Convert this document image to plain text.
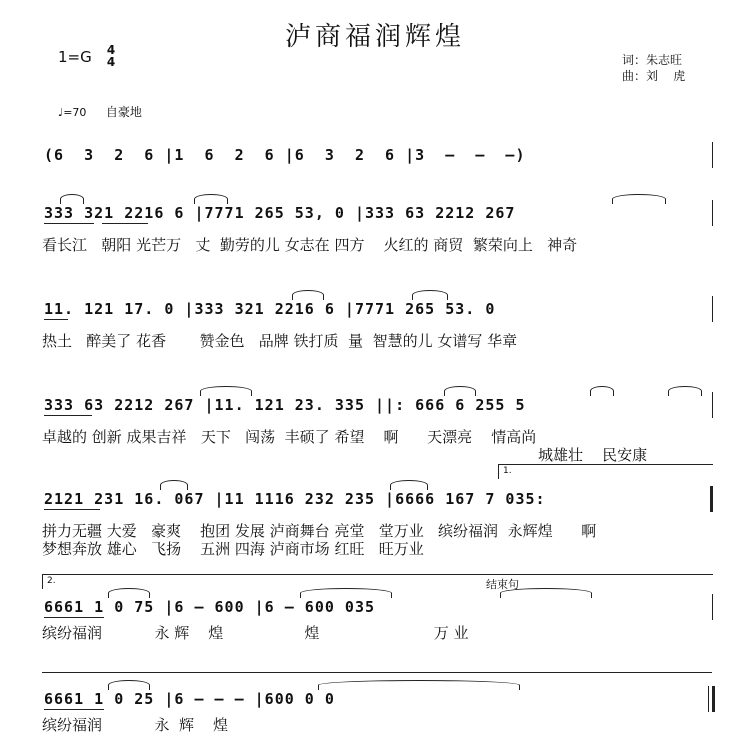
泸商福润辉煌
1=G 4
4	词：朱志旺
曲：刘    虎
♩=70 自豪地
(6  3  2  6 |1  6  2  6 |6  3  2  6 |3  –  –  –)
333 321 2216 6 |7771 265 53, 0 |333 63 2212 267
看长江   朝阳 光芒万   丈  勤劳的儿 女志在 四方    火红的 商贸  繁荣向上   神奇
11. 121 17. 0 |333 321 2216 6 |7771 265 53. 0
热土   醉美了 花香       赞金色   品牌 铁打质  量  智慧的儿 女谱写 华章
333 63 2212 267 |11. 121 23. 335 ||: 666 6 255 5
卓越的 创新 成果吉祥   天下   闯荡  丰硕了 希望    啊      天漂亮    情高尚
城雄壮    民安康
1.
2121 231 16. 067 |11 1116 232 235 |6666 167 7 035:
拼力无疆 大爱   豪爽    抱团 发展 泸商舞台 亮堂   堂万业   缤纷福润  永辉煌      啊
梦想奔放 雄心   飞扬    五洲 四海 泸商市场 红旺   旺万业
2.	结束句
6661 1 0 75 |6 – 600 |6 – 600 035
缤纷福润           永 辉    煌                 煌                        万 业
6661 1 0 25 |6 – – – |600 0 0
缤纷福润           永  辉    煌
